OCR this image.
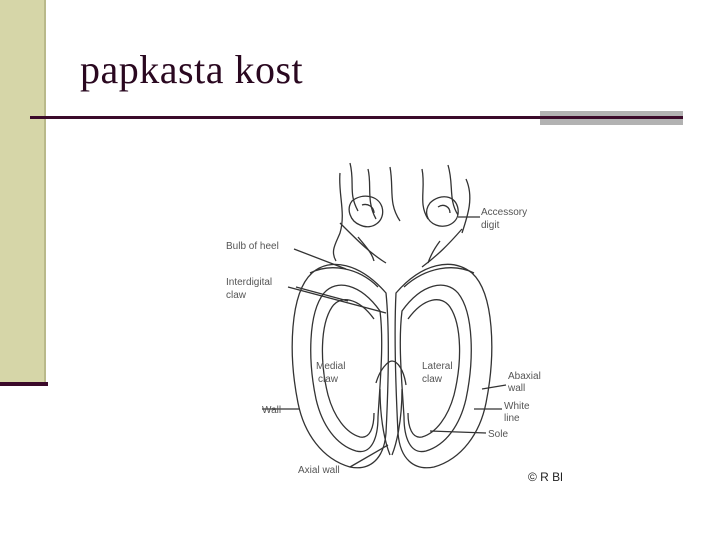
papkasta kost
Accessory
digit
Bulb of heel
Interdigital
claw
Medial
claw
Lateral
claw	Abaxial
wall
White
line
Sole
Wall
Axial wall	© R Bl
